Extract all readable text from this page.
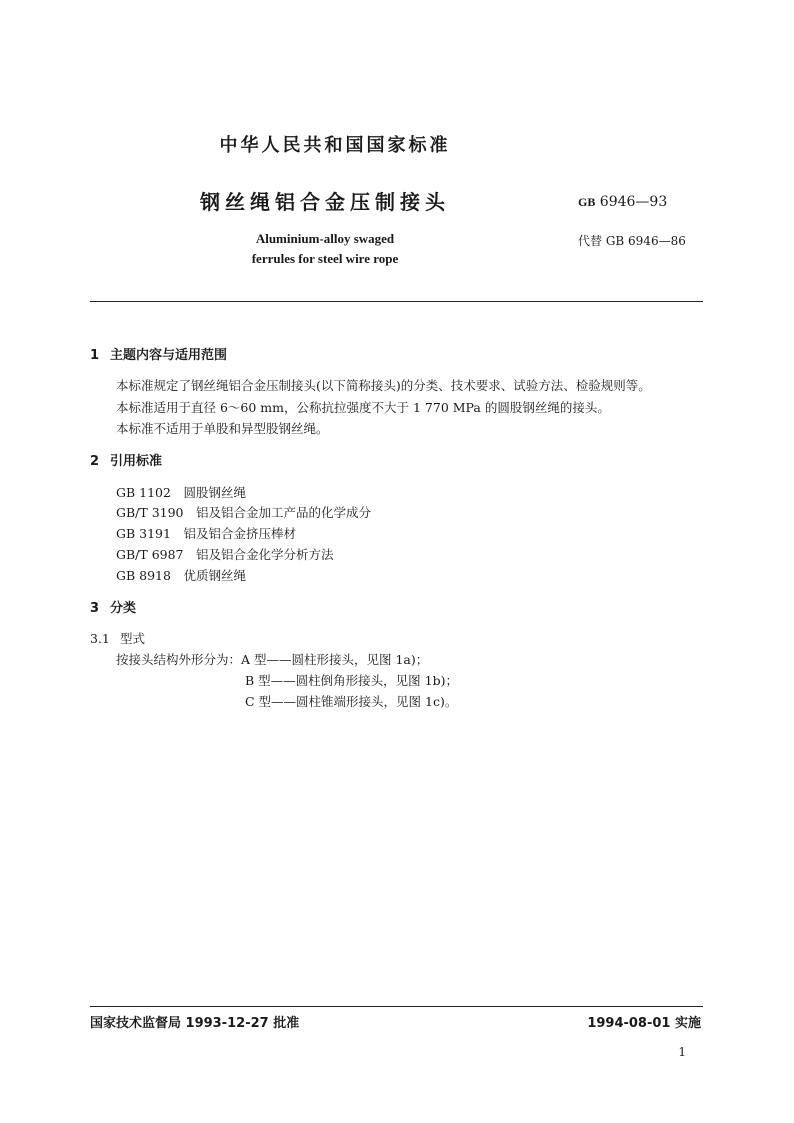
中华人民共和国国家标准
钢丝绳铝合金压制接头	GB 6946—93
Aluminium-alloy swaged
ferrules for steel wire rope
代替 GB 6946—86
1 主题内容与适用范围
本标准规定了钢丝绳铝合金压制接头(以下简称接头)的分类、技术要求、试验方法、检验规则等。
本标准适用于直径 6～60 mm，公称抗拉强度不大于 1 770 MPa 的圆股钢丝绳的接头。
本标准不适用于单股和异型股钢丝绳。
2 引用标准
GB 1102　圆股钢丝绳
GB/T 3190　铝及铝合金加工产品的化学成分
GB 3191　铝及铝合金挤压棒材
GB/T 6987　铝及铝合金化学分析方法
GB 8918　优质钢丝绳
3 分类
3.1 型式
按接头结构外形分为：A 型——圆柱形接头，见图 1a)；
B 型——圆柱倒角形接头，见图 1b)；
C 型——圆柱锥端形接头，见图 1c)。
国家技术监督局 1993-12-27 批准	1994-08-01 实施
1
